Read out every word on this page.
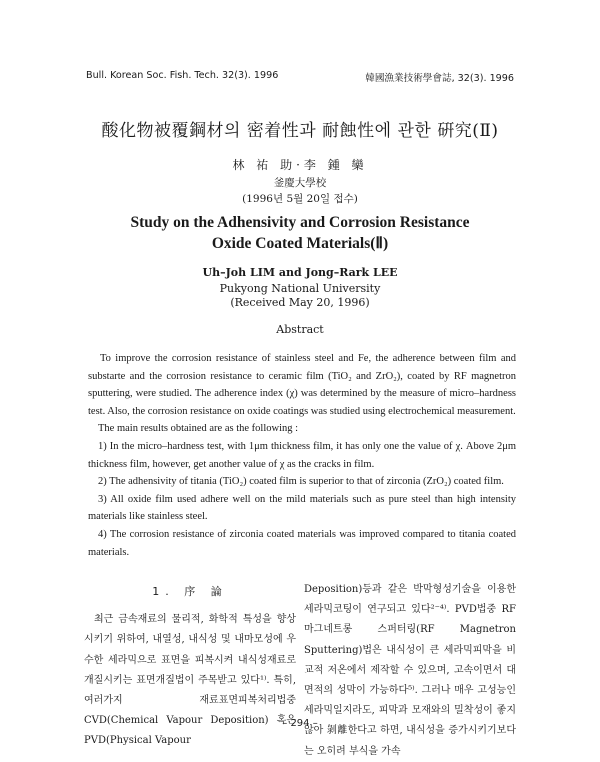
Bull. Korean Soc. Fish. Tech. 32(3). 1996	韓國漁業技術學會誌, 32(3). 1996
酸化物被覆鋼材의 密着性과 耐蝕性에 관한 硏究(Ⅱ)
林 祐 助·李 鍾 欒
釜慶大學校
(1996년 5월 20일 접수)
Study on the Adhensivity and Corrosion Resistance
Oxide Coated Materials(Ⅱ)
Uh–Joh LIM and Jong–Rark LEE
Pukyong National University
(Received May 20, 1996)
Abstract

To improve the corrosion resistance of stainless steel and Fe, the adherence between film and substarte and the corrosion resistance to ceramic film (TiO₂ and ZrO₂), coated by RF magnetron sputtering, were studied. The adherence index (χ) was determined by the measure of micro–hardness test. Also, the corrosion resistance on oxide coatings was studied using electrochemical measurement.

The main results obtained are as the following :

1) In the micro–hardness test, with 1μm thickness film, it has only one the value of χ. Above 2μm thickness film, however, get another value of χ as the cracks in film.

2) The adhensivity of titania (TiO₂) coated film is superior to that of zirconia (ZrO₂) coated film.

3) All oxide film used adhere well on the mild materials such as pure steel than high intensity materials like stainless steel.

4) The corrosion resistance of zirconia coated materials was improved compared to titania coated materials.

1. 序 論
최근 금속재료의 물리적, 화학적 특성을 향상시키기 위하여, 내열성, 내식성 및 내마모성에 우수한 세라믹으로 표면을 피복시켜 내식성재료로 개질시키는 표면개질법이 주목받고 있다¹⁾. 특히, 여러가지 재료표면피복처리법중 CVD(Chemical Vapour Deposition) 혹은 PVD(Physical Vapour
Deposition)등과 같은 박막형성기술을 이용한 세라믹코팅이 연구되고 있다²⁻⁴⁾. PVD법중 RF마그네트롱 스퍼터링(RF Magnetron Sputtering)법은 내식성이 큰 세라믹피막을 비교적 저온에서 제작할 수 있으며, 고속이면서 대면적의 성막이 가능하다⁵⁾. 그러나 매우 고성능인 세라믹일지라도, 피막과 모재와의 밀착성이 좋지 않아 剝離한다고 하면, 내식성을 증가시키기보다는 오히려 부식을 가속
– 294 –
